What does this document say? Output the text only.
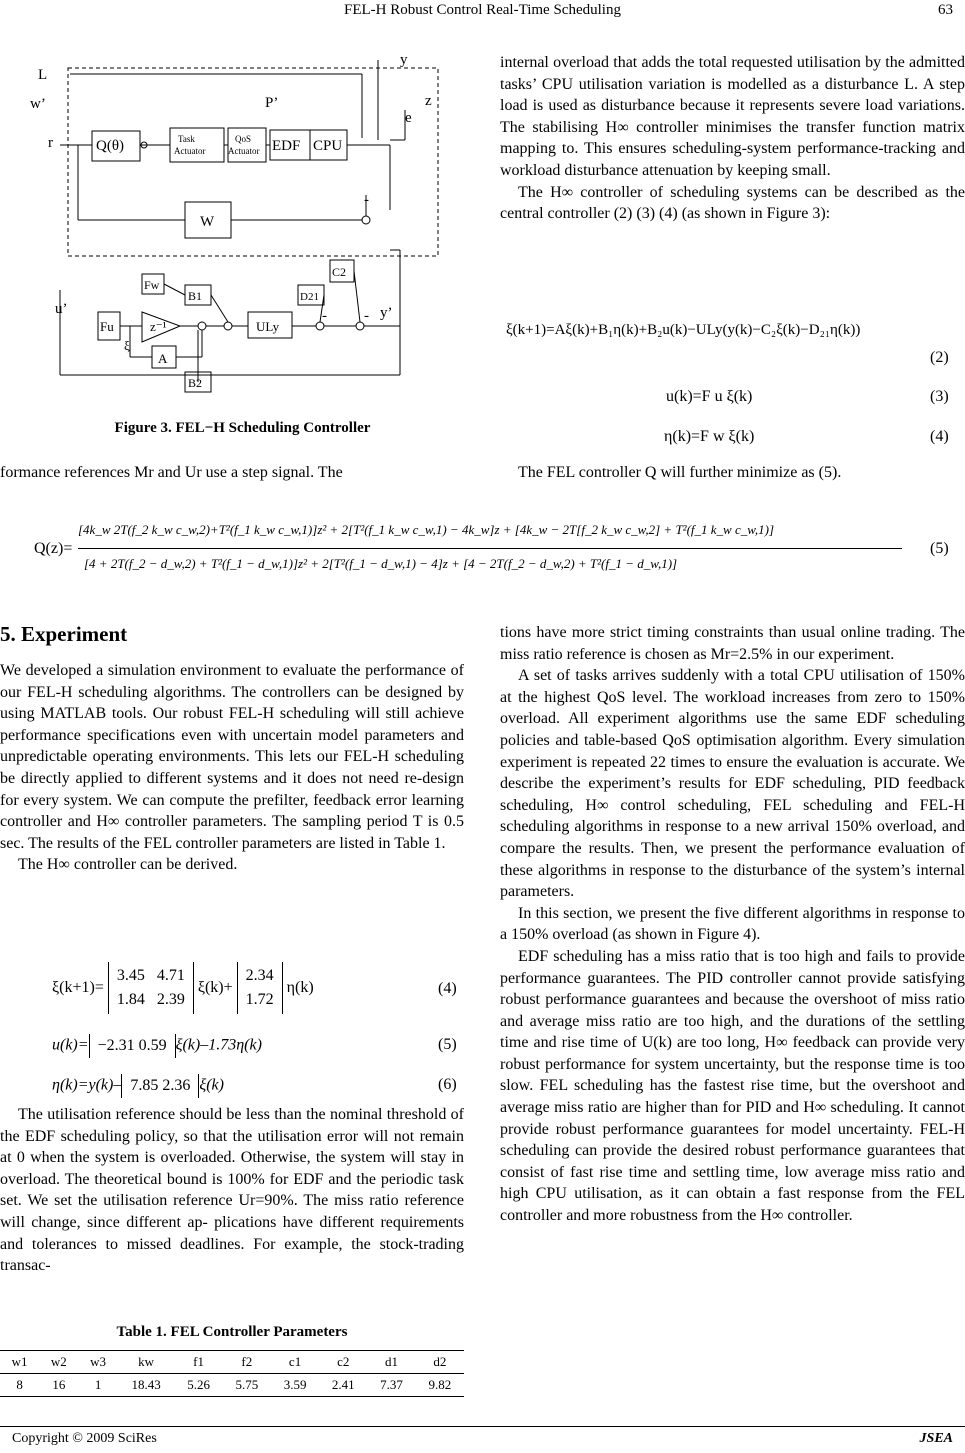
FEL-H Robust Control Real-Time Scheduling	63
L
w’
r
P’
y
z
e
Q(θ)	Task
Actuator
QoS
Actuator EDF CPU
W
-
Fw
C2
B1	D21
u’
Fu	z⁻¹	ULy
- - y’
ξ
A
B2
Figure 3. FEL−H Scheduling Controller
formance references Mr and Ur use a step signal. The

internal overload that adds the total requested utilisation by the admitted tasks’ CPU utilisation variation is modelled as a disturbance L. A step load is used as disturbance because it represents severe load variations. The stabilising H∞ controller minimises the transfer function matrix mapping to. This ensures scheduling-system performance-tracking and workload disturbance attenuation by keeping small.

The H∞ controller of scheduling systems can be described as the central controller (2) (3) (4) (as shown in Figure 3):

ξ(k+1)=Aξ(k)+B₁η(k)+B₂u(k)−ULy(y(k)−C₂ξ(k)−D₂₁η(k))
(2)
u(k)=F u ξ(k)	(3)
η(k)=F w ξ(k)	(4)
The FEL controller Q will further minimize as (5).
Q(z)=
[4k_w 2T(f_2 k_w c_w,2)+T²(f_1 k_w c_w,1)]z² + 2[T²(f_1 k_w c_w,1) − 4k_w]z + [4k_w − 2T[f_2 k_w c_w,2] + T²(f_1 k_w c_w,1)]
[4 + 2T(f_2 − d_w,2) + T²(f_1 − d_w,1)]z² + 2[T²(f_1 − d_w,1) − 4]z + [4 − 2T(f_2 − d_w,2) + T²(f_1 − d_w,1)]
(5)
5. Experiment

We developed a simulation environment to evaluate the performance of our FEL-H scheduling algorithms. The controllers can be designed by using MATLAB tools. Our robust FEL-H scheduling will still achieve performance specifications even with uncertain model parameters and unpredictable operating environments. This lets our FEL-H scheduling be directly applied to different systems and it does not need re-design for every system. We can compute the prefilter, feedback error learning controller and H∞ controller parameters. The sampling period T is 0.5 sec. The results of the FEL controller parameters are listed in Table 1.

The H∞ controller can be derived.

ξ(k+1)=
3.45 4.71
1.84 2.39
ξ(k)+
2.34
1.72
η(k)	(4)
u(k)= −2.31 0.59 ξ(k)–1.73η(k)	(5)
η(k)=y(k)– 7.85 2.36 ξ(k)	(6)
The utilisation reference should be less than the nominal threshold of the EDF scheduling policy, so that the utilisation error will not remain at 0 when the system is overloaded. Otherwise, the system will stay in overload. The theoretical bound is 100% for EDF and the periodic task set. We set the utilisation reference Ur=90%. The miss ratio reference will change, since different ap- plications have different requirements and tolerances to missed deadlines. For example, the stock-trading transac-
Table 1. FEL Controller Parameters
w1	w2	w3	kw	f1	f2	c1	c2	d1	d2
8	16	1	18.43	5.26	5.75	3.59	2.41	7.37	9.82

tions have more strict timing constraints than usual online trading. The miss ratio reference is chosen as Mr=2.5% in our experiment.

A set of tasks arrives suddenly with a total CPU utilisation of 150% at the highest QoS level. The workload increases from zero to 150% overload. All experiment algorithms use the same EDF scheduling policies and table-based QoS optimisation algorithm. Every simulation experiment is repeated 22 times to ensure the evaluation is accurate. We describe the experiment’s results for EDF scheduling, PID feedback scheduling, H∞ control scheduling, FEL scheduling and FEL-H scheduling algorithms in response to a new arrival 150% overload, and compare the results. Then, we present the performance evaluation of these algorithms in response to the disturbance of the system’s internal parameters.

In this section, we present the five different algorithms in response to a 150% overload (as shown in Figure 4).

EDF scheduling has a miss ratio that is too high and fails to provide performance guarantees. The PID controller cannot provide satisfying robust performance guarantees and because the overshoot of miss ratio and average miss ratio are too high, and the durations of the settling time and rise time of U(k) are too long, H∞ feedback can provide very robust performance for system uncertainty, but the response time is too slow. FEL scheduling has the fastest rise time, but the overshoot and average miss ratio are higher than for PID and H∞ scheduling. It cannot provide robust performance guarantees for model uncertainty. FEL-H scheduling can provide the desired robust performance guarantees that consist of fast rise time and settling time, low average miss ratio and high CPU utilisation, as it can obtain a fast response from the FEL controller and more robustness from the H∞ controller.

Copyright © 2009 SciRes	JSEA
